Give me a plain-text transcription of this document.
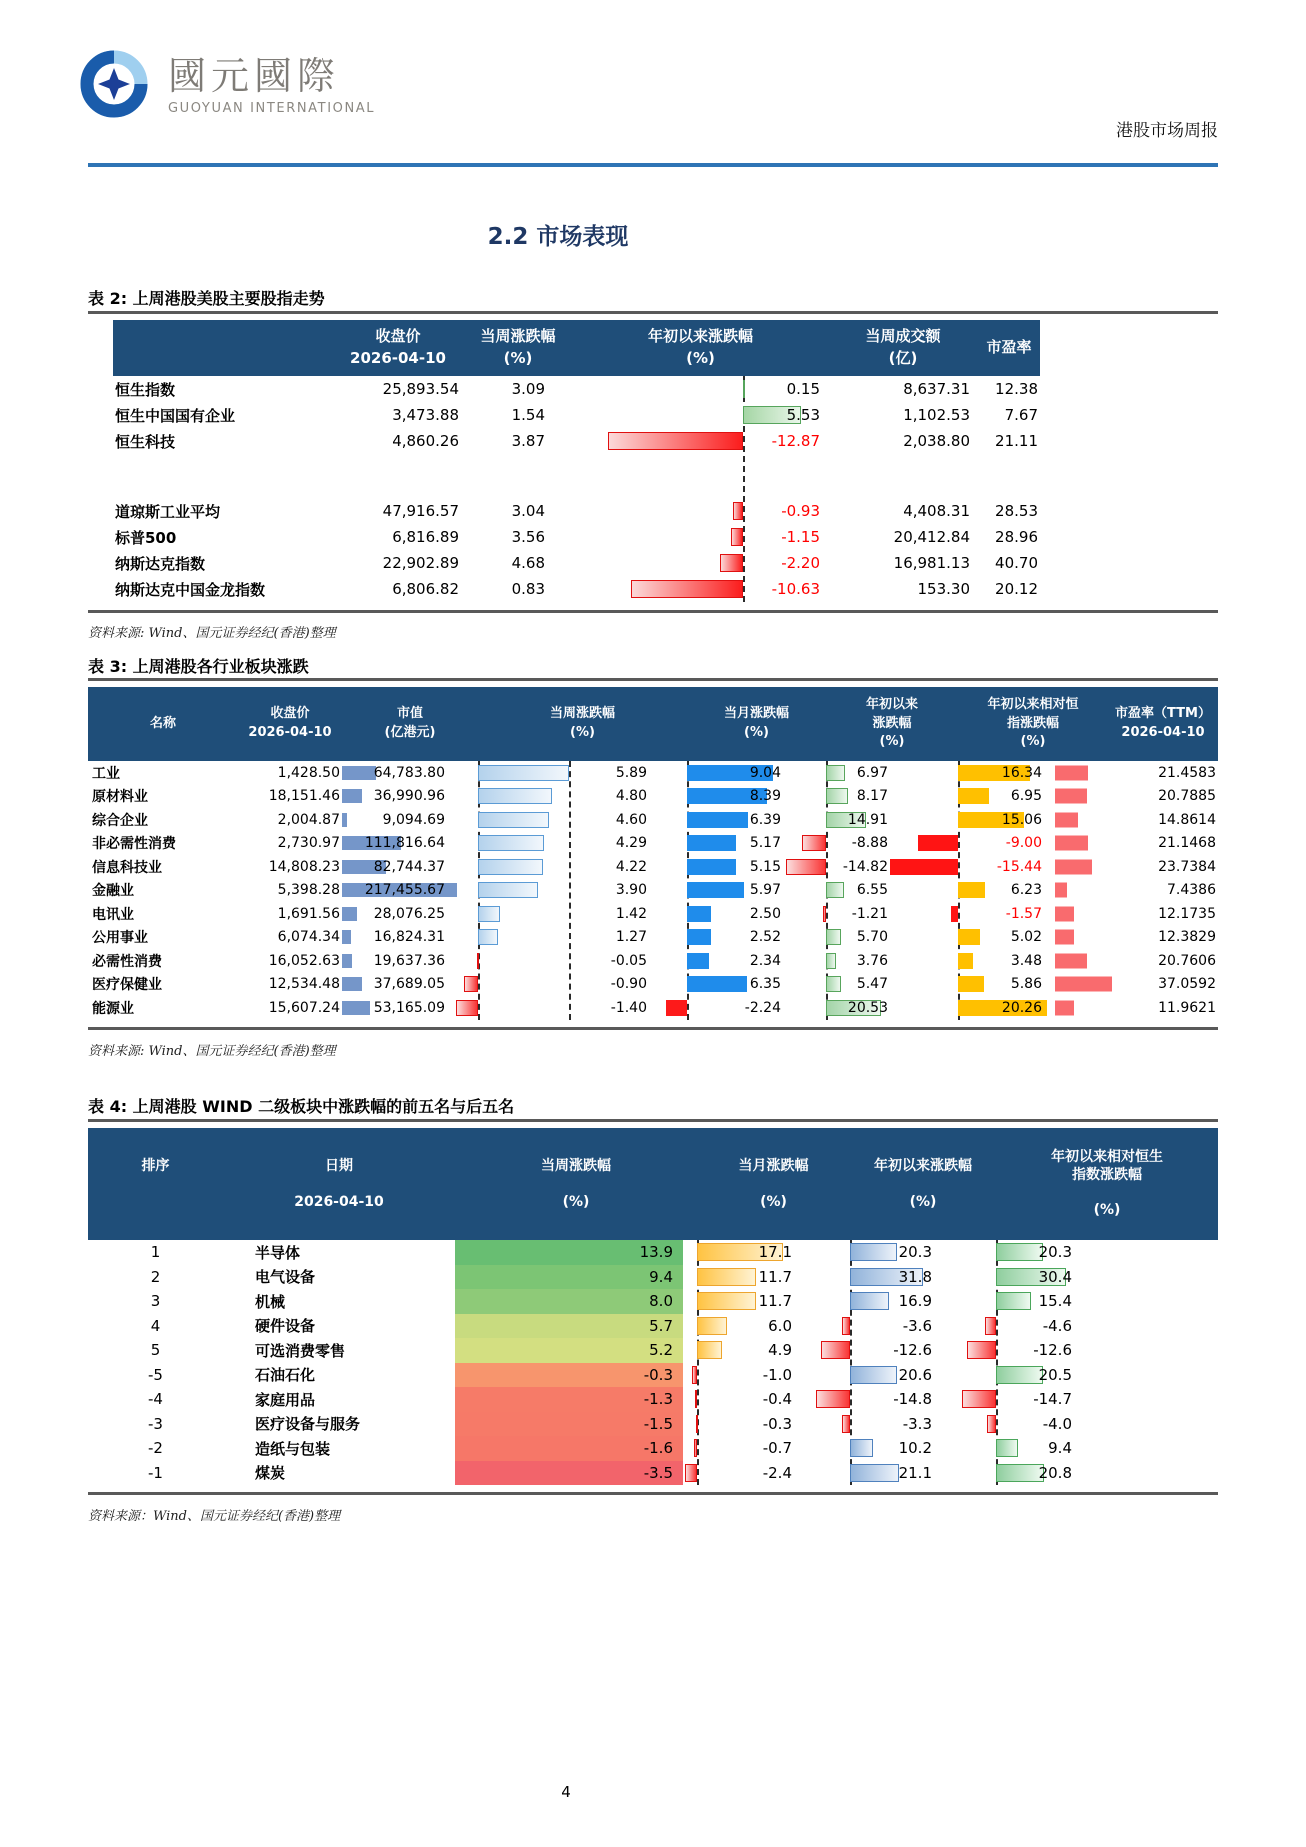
國元國際
GUOYUAN INTERNATIONAL
港股市场周报
2.2 市场表现
表 2: 上周港股美股主要股指走势
收盘价
2026-04-10
当周涨跌幅
(%)
年初以来涨跌幅
(%)
当周成交额
(亿)
市盈率
恒生指数	25,893.54	3.09	0.15	8,637.31	12.38
恒生中国国有企业	3,473.88	1.54	5.53	1,102.53	7.67
恒生科技	4,860.26	3.87	-12.87	2,038.80	21.11
道琼斯工业平均	47,916.57	3.04	-0.93	4,408.31	28.53
标普500	6,816.89	3.56	-1.15	20,412.84	28.96
纳斯达克指数	22,902.89	4.68	-2.20	16,981.13	40.70
纳斯达克中国金龙指数	6,806.82	0.83	-10.63	153.30	20.12
资料来源: Wind、国元证券经纪(香港)整理
表 3: 上周港股各行业板块涨跌
名称
收盘价
2026-04-10
市值
(亿港元)
当周涨跌幅
(%)
当月涨跌幅
(%)
年初以来
涨跌幅
(%)
年初以来相对恒
指涨跌幅
(%)
市盈率（TTM）
2026-04-10
工业	1,428.50 64,783.80	5.89	9.04	6.97	16.34	21.4583
原材料业	18,151.46 36,990.96	4.80	8.39	8.17	6.95	20.7885
综合企业	2,004.87	9,094.69	4.60	6.39	14.91	15.06	14.8614
非必需性消费	2,730.97 111,816.64	4.29	5.17	-8.88	-9.00	21.1468
信息科技业	14,808.23 82,744.37	4.22	5.15	-14.82	-15.44	23.7384
金融业	5,398.28 217,455.67	3.90	5.97	6.55	6.23	7.4386
电讯业	1,691.56 28,076.25	1.42	2.50	-1.21	-1.57	12.1735
公用事业	6,074.34 16,824.31	1.27	2.52	5.70	5.02	12.3829
必需性消费	16,052.63 19,637.36	-0.05	2.34	3.76	3.48	20.7606
医疗保健业	12,534.48 37,689.05	-0.90	6.35	5.47	5.86	37.0592
能源业	15,607.24 53,165.09	-1.40	-2.24	20.53	20.26	11.9621
资料来源: Wind、国元证券经纪(香港)整理
表 4: 上周港股 WIND 二级板块中涨跌幅的前五名与后五名
排序
	日期
2026-04-10
当周涨跌幅
(%)
当月涨跌幅
(%)
年初以来涨跌幅
(%)
年初以来相对恒生
指数涨跌幅
(%)
1	半导体	13.9	17.1	20.3	20.3
2	电气设备	9.4	11.7	31.8	30.4
3	机械	8.0	11.7	16.9	15.4
4	硬件设备	5.7	6.0	-3.6	-4.6
5	可选消费零售	5.2	4.9	-12.6	-12.6
-5	石油石化	-0.3	-1.0	20.6	20.5
-4	家庭用品	-1.3	-0.4	-14.8	-14.7
-3	医疗设备与服务	-1.5	-0.3	-3.3	-4.0
-2	造纸与包装	-1.6	-0.7	10.2	9.4
-1	煤炭	-3.5	-2.4	21.1	20.8
资料来源：Wind、国元证券经纪(香港)整理
4
